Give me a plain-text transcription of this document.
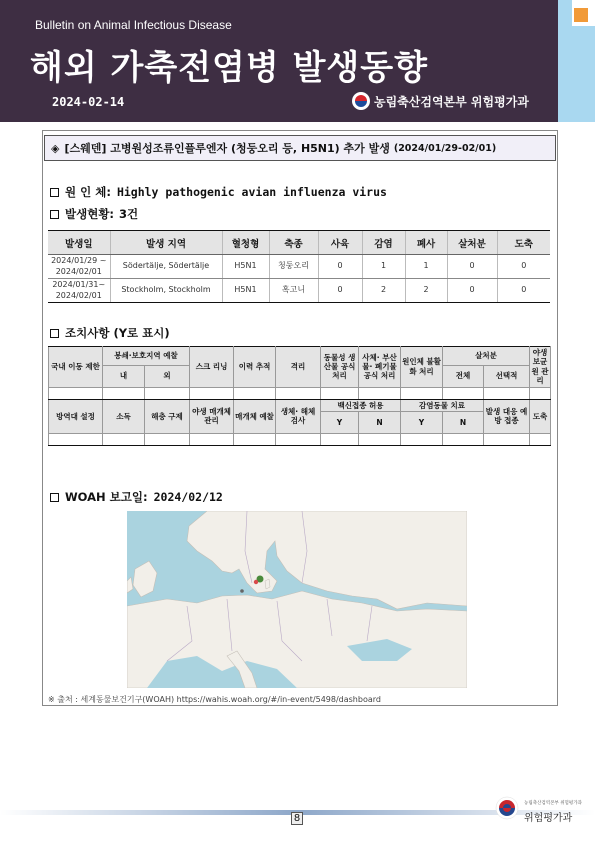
Bulletin on Animal Infectious Disease
해외 가축전염병 발생동향
2024-02-14	농림축산검역본부 위험평가과
◈ [스웨덴] 고병원성조류인플루엔자 (청둥오리 등, H5N1) 추가 발생 (2024/01/29-02/01)
원 인 체: Highly pathogenic avian influenza virus
발생현황: 3건
발생일	발생 지역	혈청형	축종	사육	감염	폐사	살처분	도축

2024/01/29 ~
2024/02/01	Södertälje, Södertälje	H5N1	청둥오리	0	1	1	0	0

2024/01/31~
2024/02/01	Stockholm, Stockholm	H5N1	혹고니	0	2	2	0	0
조치사항 (Y로 표시)
국내 이동 제한	봉쇄·보호지역 예찰		스크 리닝	이력 추적	격리	동물성 생산물 공식 처리	사체· 부산물· 폐기물 공식 처리	원인체 불활화 처리	살처분		야생 보균원 관리
	내	외							전체	선택적	

방역대 설정	소독	해충 구제	야생 매개체 관리	매개체 예찰	생체· 해체 검사	백신접종 허용		감염동물 치료		발생 대응 예방 접종	도축
						Y	N	Y	N		

WOAH 보고일: 2024/02/12
※ 출처 : 세계동물보건기구(WOAH) https://wahis.woah.org/#/in-event/5498/dashboard
8
농림축산검역본부 위험평가과
위험평가과
